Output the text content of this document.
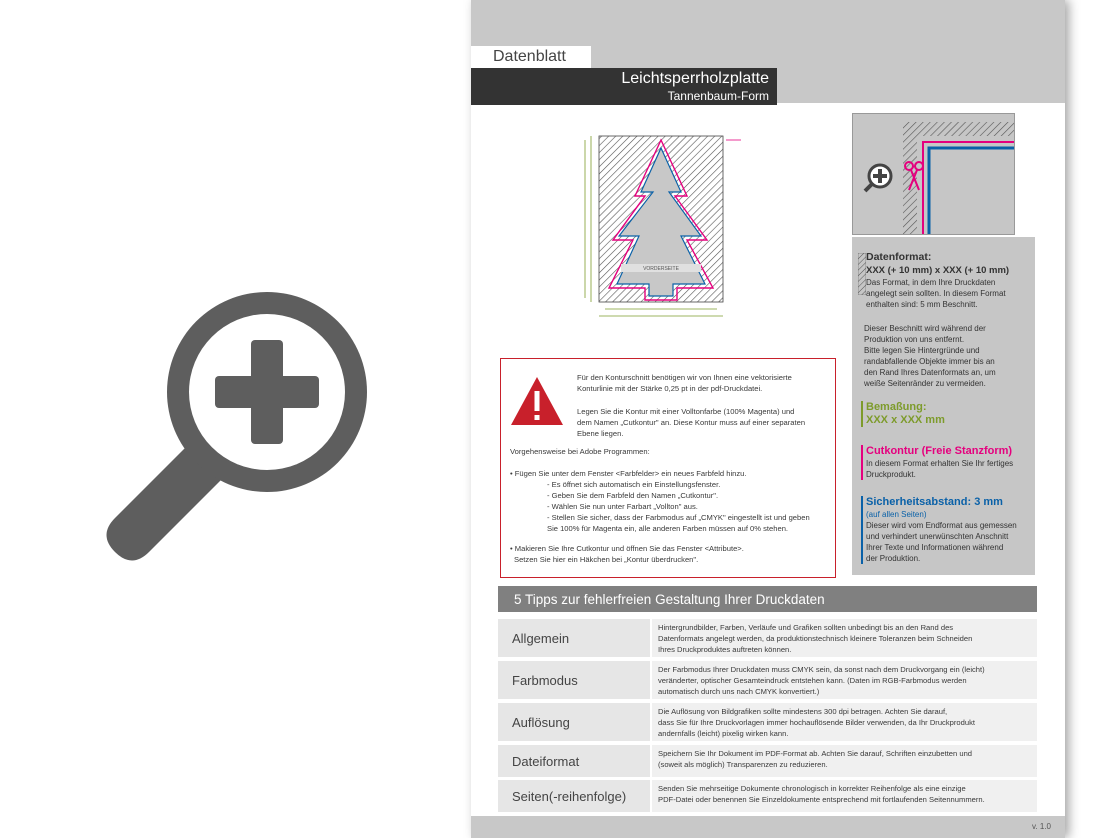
Datenblatt
Leichtsperrholzplatte
Tannenbaum-Form
VORDERSEITE
Datenformat:
XXX (+ 10 mm) x XXX (+ 10 mm)
Das Format, in dem Ihre Druckdaten
angelegt sein sollten. In diesem Format
enthalten sind: 5 mm Beschnitt.
Dieser Beschnitt wird während der
Produktion von uns entfernt.
Bitte legen Sie Hintergründe und
randabfallende Objekte immer bis an
den Rand Ihres Datenformats an, um
weiße Seitenränder zu vermeiden.
Bemaßung:
XXX x XXX mm
Cutkontur (Freie Stanzform)
In diesem Format erhalten Sie Ihr fertiges
Druckprodukt.
Sicherheitsabstand: 3 mm
(auf allen Seiten)
Dieser wird vom Endformat aus gemessen
und verhindert unerwünschten Anschnitt
Ihrer Texte und Informationen während
der Produktion.
Für den Konturschnitt benötigen wir von Ihnen eine vektorisierte
Konturlinie mit der Stärke 0,25 pt in der pdf-Druckdatei.
Legen Sie die Kontur mit einer Volltonfarbe (100% Magenta) und
dem Namen „Cutkontur" an. Diese Kontur muss auf einer separaten
Ebene liegen.
Vorgehensweise bei Adobe Programmen:
• Fügen Sie unter dem Fenster <Farbfelder> ein neues Farbfeld hinzu.
- Es öffnet sich automatisch ein Einstellungsfenster.
- Geben Sie dem Farbfeld den Namen „Cutkontur".
- Wählen Sie nun unter Farbart „Vollton" aus.
- Stellen Sie sicher, dass der Farbmodus auf „CMYK" eingestellt ist und geben
Sie 100% für Magenta ein, alle anderen Farben müssen auf 0% stehen.
• Makieren Sie Ihre Cutkontur und öffnen Sie das Fenster <Attribute>.
Setzen Sie hier ein Häkchen bei „Kontur überdrucken".
5 Tipps zur fehlerfreien Gestaltung Ihrer Druckdaten
Allgemein
Hintergrundbilder, Farben, Verläufe und Grafiken sollten unbedingt bis an den Rand des
Datenformats angelegt werden, da produktionstechnisch kleinere Toleranzen beim Schneiden
Ihres Druckproduktes auftreten können.
Farbmodus
Der Farbmodus Ihrer Druckdaten muss CMYK sein, da sonst nach dem Druckvorgang ein (leicht)
veränderter, optischer Gesamteindruck entstehen kann. (Daten im RGB-Farbmodus werden
automatisch durch uns nach CMYK konvertiert.)
Auflösung
Die Auflösung von Bildgrafiken sollte mindestens 300 dpi betragen. Achten Sie darauf,
dass Sie für Ihre Druckvorlagen immer hochauflösende Bilder verwenden, da Ihr Druckprodukt
andernfalls (leicht) pixelig wirken kann.
Dateiformat	Speichern Sie Ihr Dokument im PDF-Format ab. Achten Sie darauf, Schriften einzubetten und
(soweit als möglich) Transparenzen zu reduzieren.
Seiten(-reihenfolge)	Senden Sie mehrseitige Dokumente chronologisch in korrekter Reihenfolge als eine einzige
PDF-Datei oder benennen Sie Einzeldokumente entsprechend mit fortlaufenden Seitennummern.
v. 1.0
